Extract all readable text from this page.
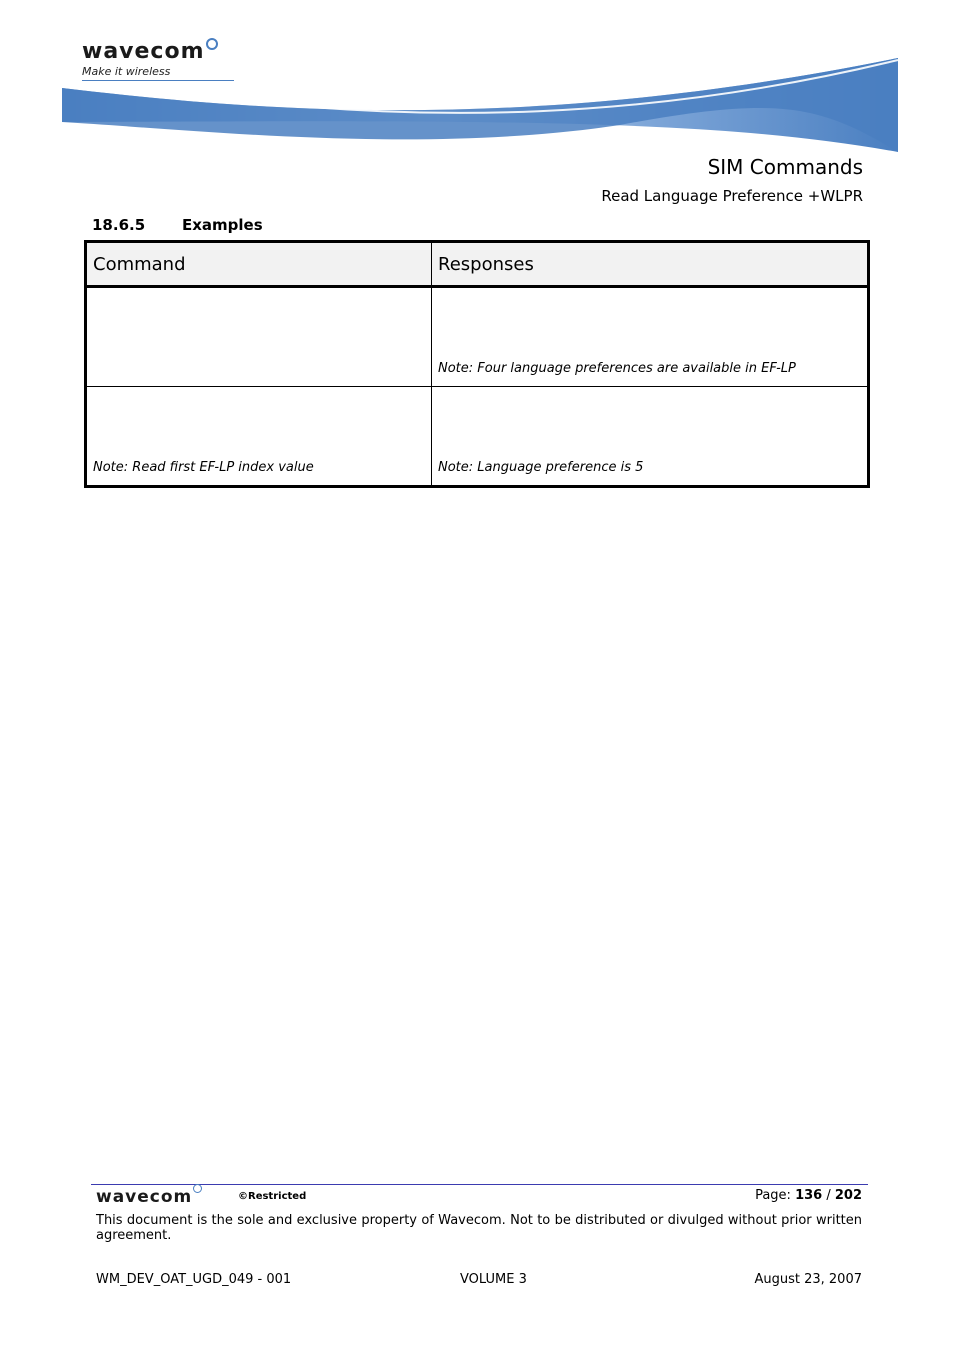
wavecom
Make it wireless
SIM Commands
Read Language Preference +WLPR
18.6.5 Examples
Command	Responses
	Note: Four language preferences are available in EF-LP
Note: Read first EF-LP index value	Note: Language preference is 5
wavecom	©Restricted	Page: 136 / 202
This document is the sole and exclusive property of Wavecom. Not to be distributed or divulged without prior written agreement.
WM_DEV_OAT_UGD_049 - 001	VOLUME 3	August 23, 2007
